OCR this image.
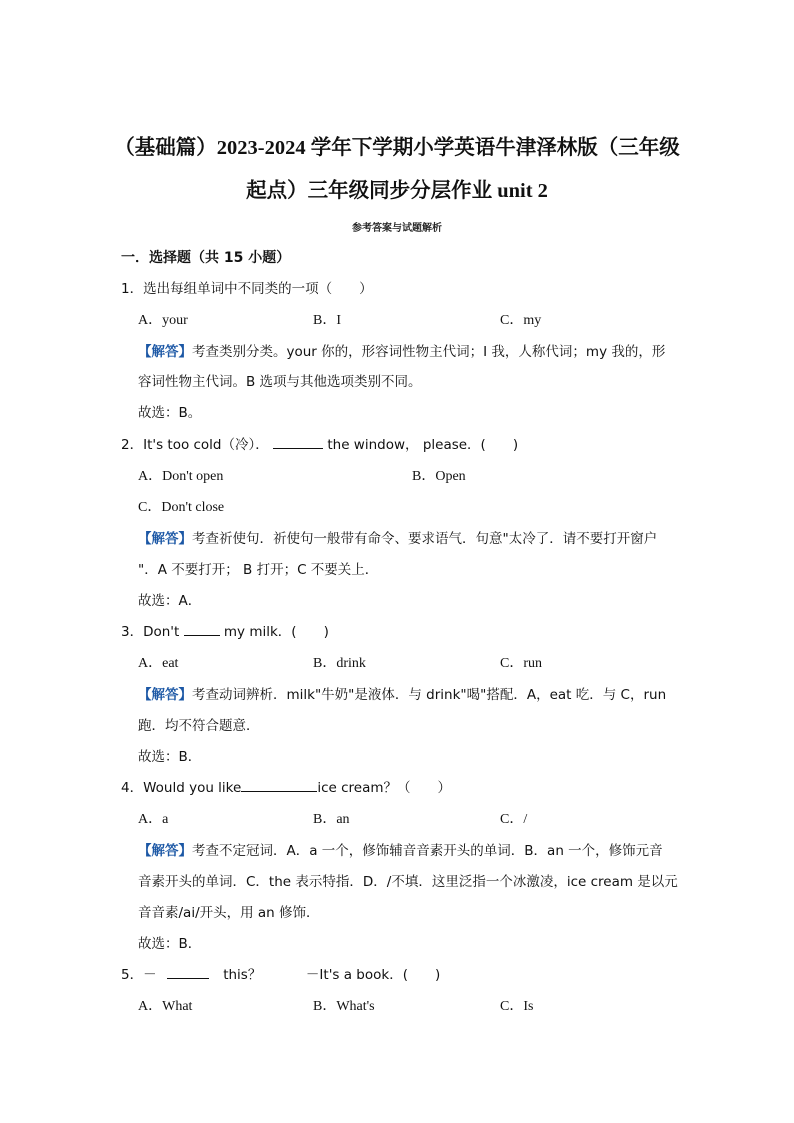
（基础篇）2023-2024 学年下学期小学英语牛津泽林版（三年级
起点）三年级同步分层作业 unit 2
参考答案与试题解析
一．选择题（共 15 小题）
1．选出每组单词中不同类的一项（　　）
A．your	B．I	C．my
【解答】考查类别分类。your 你的，形容词性物主代词；I 我，人称代词；my 我的，形
容词性物主代词。B 选项与其他选项类别不同。
故选：B。
2．It's too cold（冷）．	the window， please．(　　)
A．Don't open	B．Open
C．Don't close
【解答】考查祈使句．祈使句一般带有命令、要求语气．句意"太冷了．请不要打开窗户
"．A 不要打开； B 打开；C 不要关上．
故选：A．
3．Don't	my milk．(　　)
A．eat	B．drink	C．run
【解答】考查动词辨析．milk"牛奶"是液体．与 drink"喝"搭配．A，eat 吃．与 C，run
跑．均不符合题意．
故选：B．
4．Would you like	ice cream？（　　）
A．a	B．an	C．/
【解答】考查不定冠词．A．a 一个，修饰辅音音素开头的单词．B．an 一个，修饰元音
音素开头的单词．C．the 表示特指．D．/不填．这里泛指一个冰激凌，ice cream 是以元
音音素/ai/开头，用 an 修饰．
故选：B．
5．－	this？	－It's a book．(　　)
A．What	B．What's	C．Is
